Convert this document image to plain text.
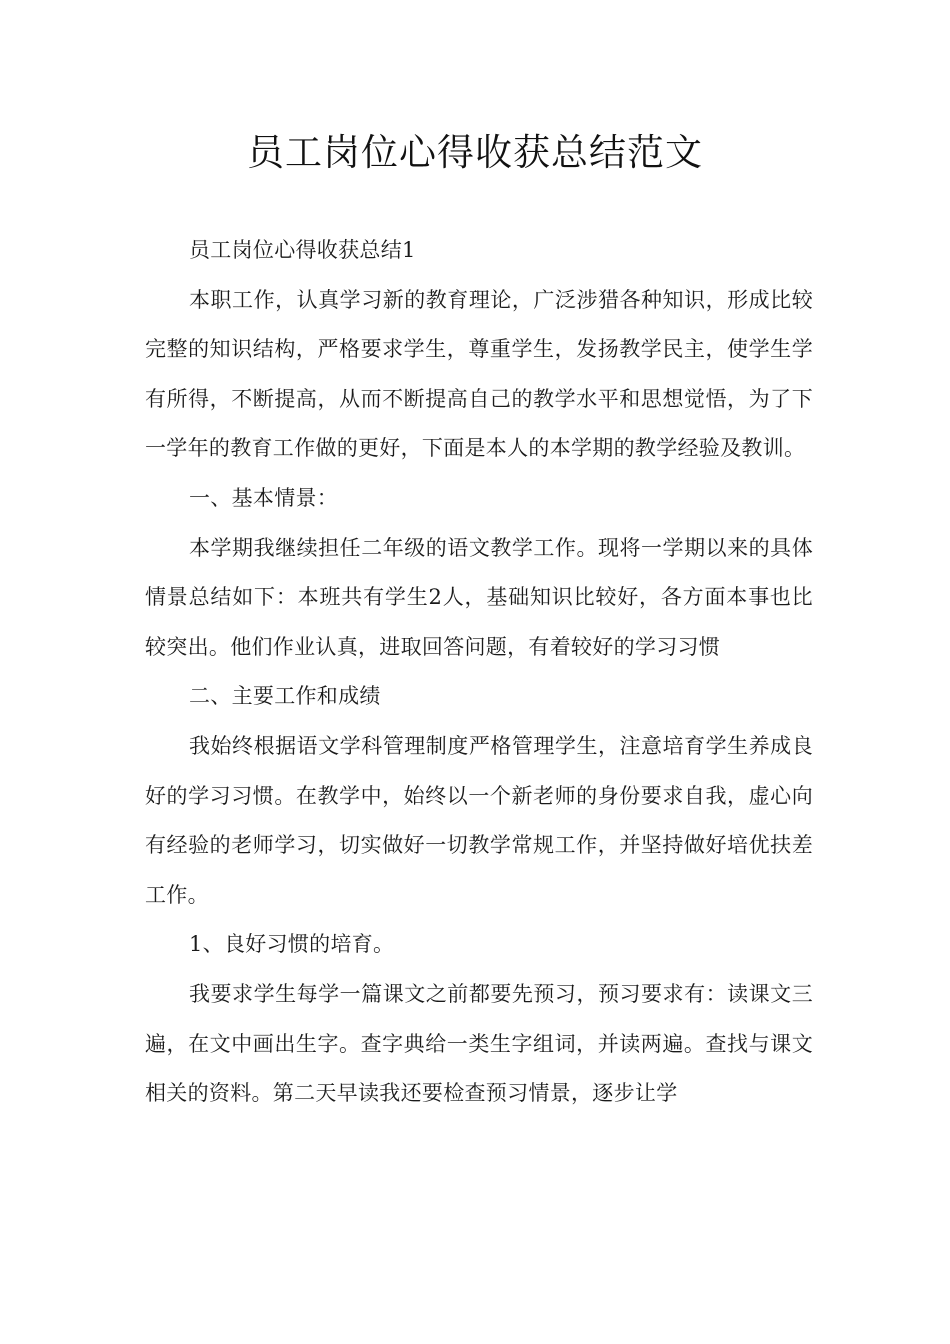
员工岗位心得收获总结范文

员工岗位心得收获总结1

本职工作，认真学习新的教育理论，广泛涉猎各种知识，形成比较完整的知识结构，严格要求学生，尊重学生，发扬教学民主，使学生学有所得，不断提高，从而不断提高自己的教学水平和思想觉悟，为了下一学年的教育工作做的更好，下面是本人的本学期的教学经验及教训。

一、基本情景：

本学期我继续担任二年级的语文教学工作。现将一学期以来的具体情景总结如下：本班共有学生2人，基础知识比较好，各方面本事也比较突出。他们作业认真，进取回答问题，有着较好的学习习惯

二、主要工作和成绩

我始终根据语文学科管理制度严格管理学生，注意培育学生养成良好的学习习惯。在教学中，始终以一个新老师的身份要求自我，虚心向有经验的老师学习，切实做好一切教学常规工作，并坚持做好培优扶差工作。

1、良好习惯的培育。

我要求学生每学一篇课文之前都要先预习，预习要求有：读课文三遍，在文中画出生字。查字典给一类生字组词，并读两遍。查找与课文相关的资料。第二天早读我还要检查预习情景，逐步让学
